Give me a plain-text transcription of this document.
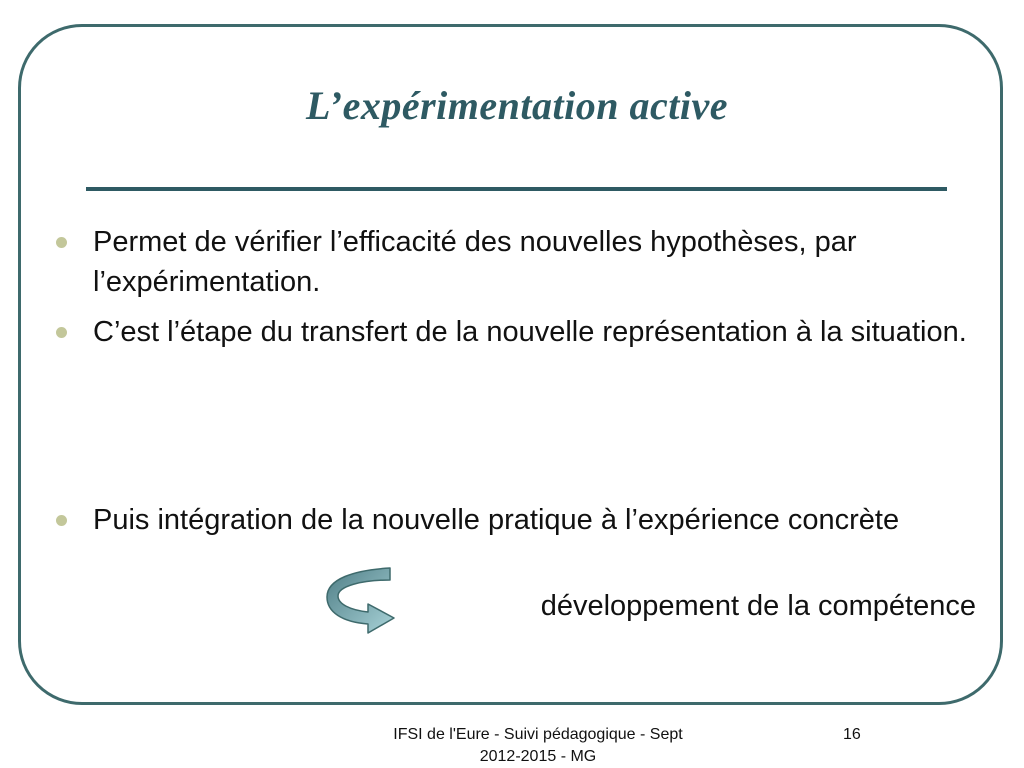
L’expérimentation active
Permet de vérifier l’efficacité des nouvelles hypothèses, par l’expérimentation.
C’est l’étape du transfert de la nouvelle représentation à la situation.
Puis intégration de la nouvelle pratique à l’expérience concrète
développement de la compétence
IFSI de l'Eure - Suivi pédagogique - Sept 2012-2015 - MG
16
